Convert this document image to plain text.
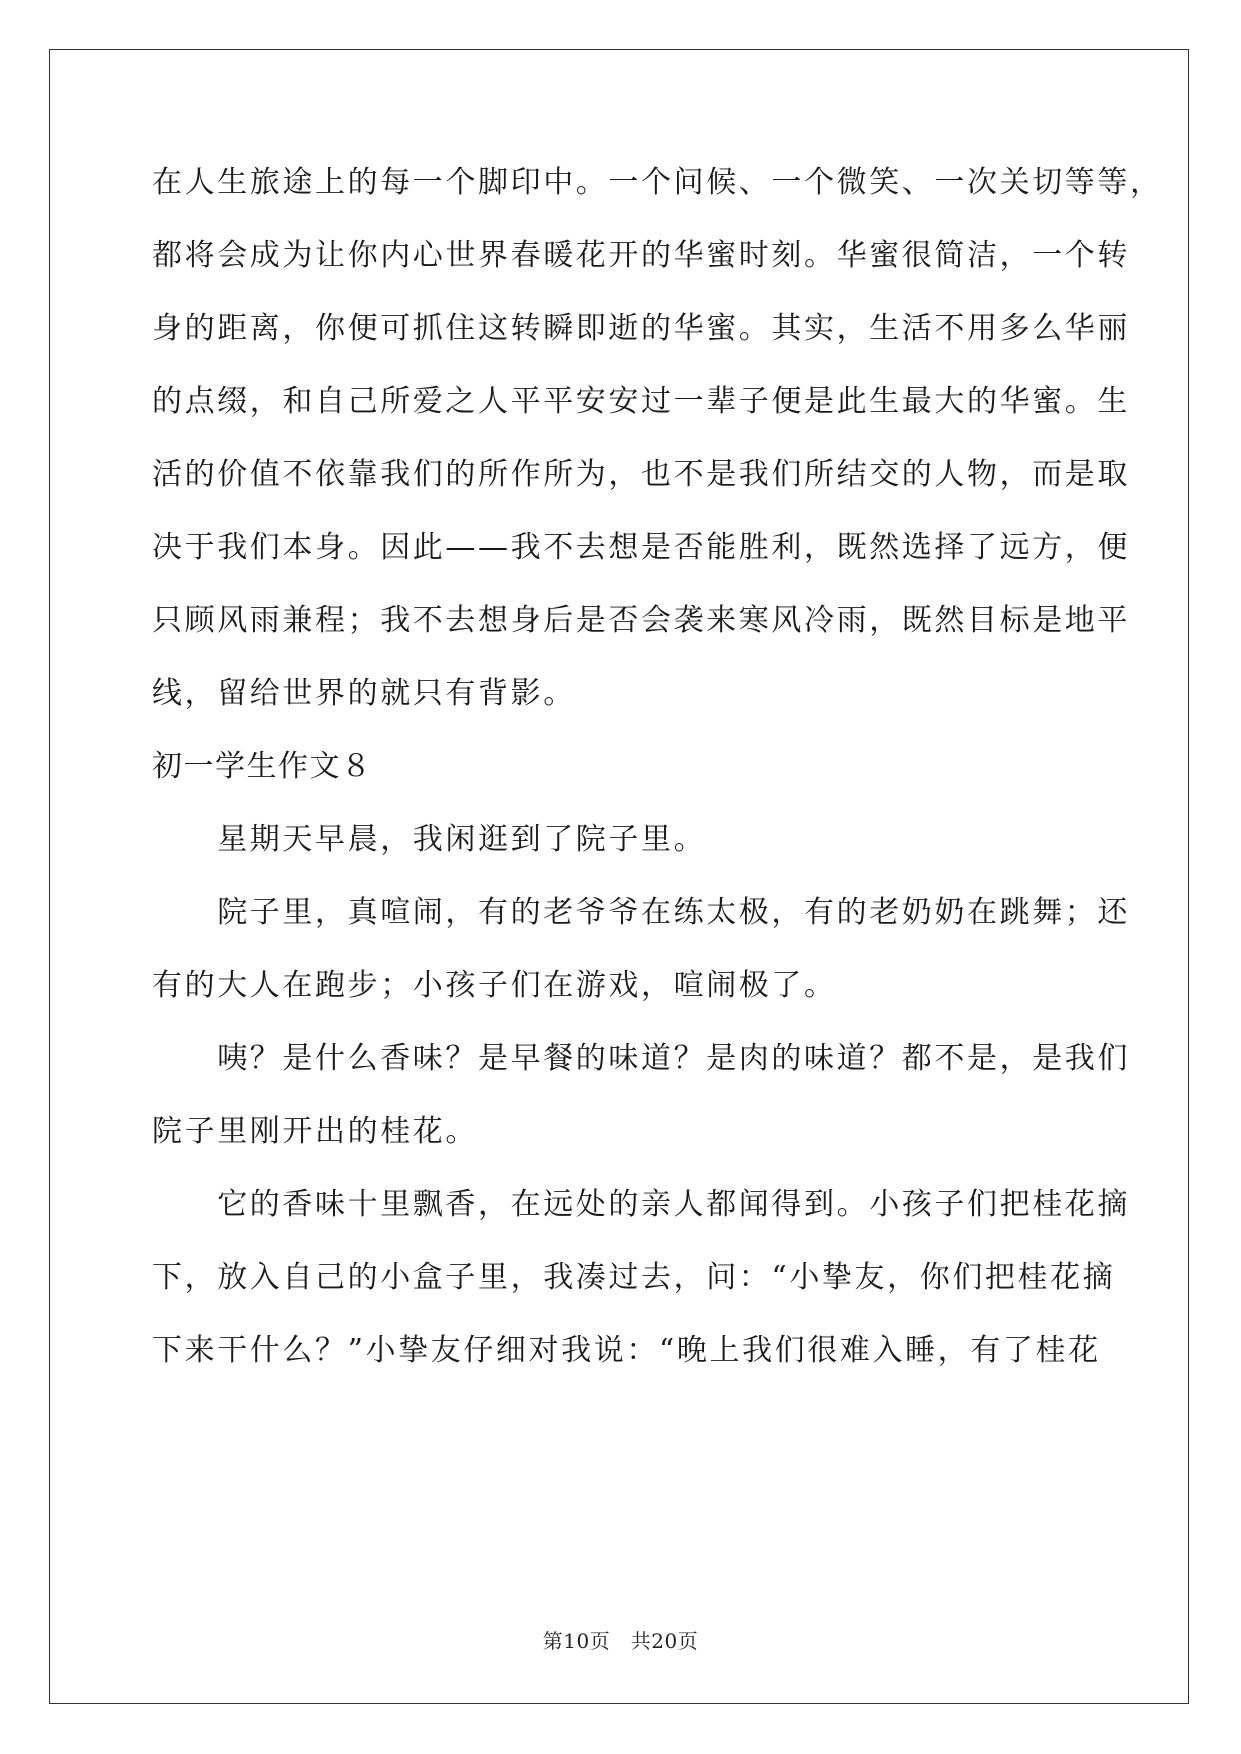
在人生旅途上的每一个脚印中。一个问候、一个微笑、一次关切等等，
都将会成为让你内心世界春暖花开的华蜜时刻。华蜜很简洁，一个转
身的距离，你便可抓住这转瞬即逝的华蜜。其实，生活不用多么华丽
的点缀，和自己所爱之人平平安安过一辈子便是此生最大的华蜜。生
活的价值不依靠我们的所作所为，也不是我们所结交的人物，而是取
决于我们本身。因此——我不去想是否能胜利，既然选择了远方，便
只顾风雨兼程；我不去想身后是否会袭来寒风冷雨，既然目标是地平
线，留给世界的就只有背影。
初一学生作文８
　　星期天早晨，我闲逛到了院子里。
　　院子里，真喧闹，有的老爷爷在练太极，有的老奶奶在跳舞；还
有的大人在跑步；小孩子们在游戏，喧闹极了。
　　咦？是什么香味？是早餐的味道？是肉的味道？都不是，是我们
院子里刚开出的桂花。
　　它的香味十里飘香，在远处的亲人都闻得到。小孩子们把桂花摘
下，放入自己的小盒子里，我凑过去，问：“小挚友，你们把桂花摘
下来干什么？”小挚友仔细对我说：“晚上我们很难入睡，有了桂花
第10页 共20页
